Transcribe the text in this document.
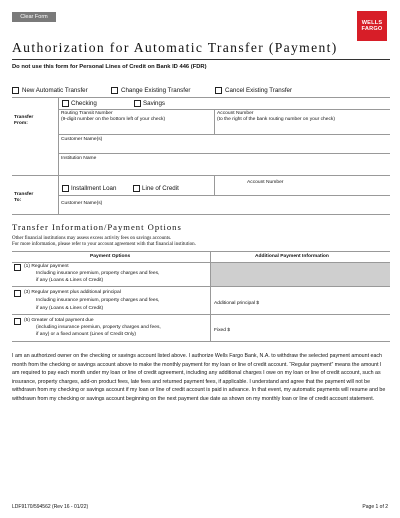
Clear Form
WELLS
FARGO
Authorization for Automatic Transfer (Payment)
Do not use this form for Personal Lines of Credit on Bank ID 446 (FDR)
New Automatic Transfer	Change Existing Transfer	Cancel Existing Transfer
Transfer
From:
Checking	Savings
Routing Transit Number
(9-digit number on the bottom left of your check)
Account Number
(to the right of the bank routing number on your check)
Customer Name(s)
Institution Name
Transfer
To:
Installment Loan	Line of Credit
Account Number
Customer Name(s)
Transfer Information/Payment Options
Other financial institutions may assess excess activity fees on savings accounts.
For more information, please refer to your account agreement with that financial institution.
Payment Options	Additional Payment Information
(1) Regular payment
Including insurance premium, property charges and fees,
if any (Loans & Lines of Credit)
(3) Regular payment plus additional principal
Including insurance premium, property charges and fees,
if any (Loans & Lines of Credit)
Additional principal $
(5) Greater of total payment due
(including insurance premium, property charges and fees,
if any) or a fixed amount (Lines of Credit Only)
Fixed $
I am an authorized owner on the checking or savings account listed above. I authorize Wells Fargo Bank, N.A. to withdraw the selected payment amount each month from the checking or savings account above to make the monthly payment for my loan or line of credit account. “Regular payment” means the amount I am required to pay each month under my loan or line of credit agreement, including any additional charges I owe on my loan or line of credit account, such as insurance, property charges, add-on product fees, late fees and returned payment fees, if applicable. I understand and agree that the payment will not be withdrawn from my checking or savings account if my loan or line of credit account is paid in advance. In that event, my automatic payments will resume and be withdrawn from my checking or savings account beginning on the next payment due date as shown on my monthly loan or line of credit account statement.
LDF9170/594562 (Rev 16 - 01/22)	Page 1 of 2
